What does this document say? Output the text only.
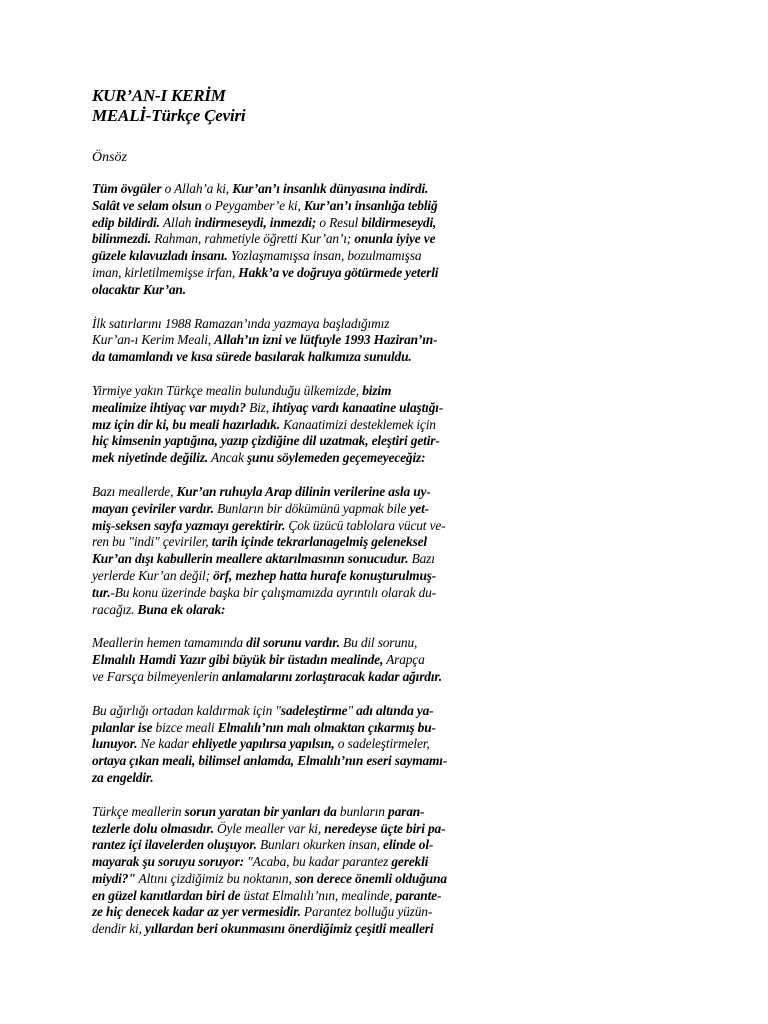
KUR’AN-I KERİM
MEALİ-Türkçe Çeviri
Önsöz
Tüm övgüler o Allah’a ki, Kur’an’ı insanlık dünyasına indirdi.
Salât ve selam olsun o Peygamber’e ki, Kur’an’ı insanlığa tebliğ
edip bildirdi. Allah indirmeseydi, inmezdi; o Resul bildirmeseydi,
bilinmezdi. Rahman, rahmetiyle öğretti Kur’an’ı; onunla iyiye ve
güzele kılavuzladı insanı. Yozlaşmamışsa insan, bozulmamışsa
iman, kirletilmemişse irfan, Hakk’a ve doğruya götürmede yeterli
olacaktır Kur’an.
İlk satırlarını 1988 Ramazan’ında yazmaya başladığımız
Kur’an-ı Kerim Meali, Allah’ın izni ve lütfuyle 1993 Haziran’ın-
da tamamlandı ve kısa sürede basılarak halkımıza sunuldu.
Yirmiye yakın Türkçe mealin bulunduğu ülkemizde, bizim
mealimize ihtiyaç var mıydı? Biz, ihtiyaç vardı kanaatine ulaştığı-
mız için dir ki, bu meali hazırladık. Kanaatimizi desteklemek için
hiç kimsenin yaptığına, yazıp çizdiğine dil uzatmak, eleştiri getir-
mek niyetinde değiliz. Ancak şunu söylemeden geçemeyeceğiz:
Bazı meallerde, Kur’an ruhuyla Arap dilinin verilerine asla uy-
mayan çeviriler vardır. Bunların bir dökümünü yapmak bile yet-
miş-seksen sayfa yazmayı gerektirir. Çok üzücü tablolara vücut ve-
ren bu "indi" çeviriler, tarih içinde tekrarlanagelmiş geleneksel
Kur’an dışı kabullerin meallere aktarılmasının sonucudur. Bazı
yerlerde Kur’an değil; örf, mezhep hatta hurafe konuşturulmuş-
tur.-Bu konu üzerinde başka bir çalışmamızda ayrıntılı olarak du-
racağız. Buna ek olarak:
Meallerin hemen tamamında dil sorunu vardır. Bu dil sorunu,
Elmalılı Hamdi Yazır gibi büyük bir üstadın mealinde, Arapça
ve Farsça bilmeyenlerin anlamalarını zorlaştıracak kadar ağırdır.
Bu ağırlığı ortadan kaldırmak için "sadeleştirme" adı altında ya-
pılanlar ise bizce meali Elmalılı’nın malı olmaktan çıkarmış bu-
lunuyor. Ne kadar ehliyetle yapılırsa yapılsın, o sadeleştirmeler,
ortaya çıkan meali, bilimsel anlamda, Elmalılı’nın eseri saymamı-
za engeldir.
Türkçe meallerin sorun yaratan bir yanları da bunların paran-
tezlerle dolu olmasıdır. Öyle mealler var ki, neredeyse üçte biri pa-
rantez içi ilavelerden oluşuyor. Bunları okurken insan, elinde ol-
mayarak şu soruyu soruyor: "Acaba, bu kadar parantez gerekli
miydi?" Altını çizdiğimiz bu noktanın, son derece önemli olduğuna
en güzel kanıtlardan biri de üstat Elmalılı’nın, mealinde, parante-
ze hiç denecek kadar az yer vermesidir. Parantez bolluğu yüzün-
dendir ki, yıllardan beri okunmasını önerdiğimiz çeşitli mealleri
